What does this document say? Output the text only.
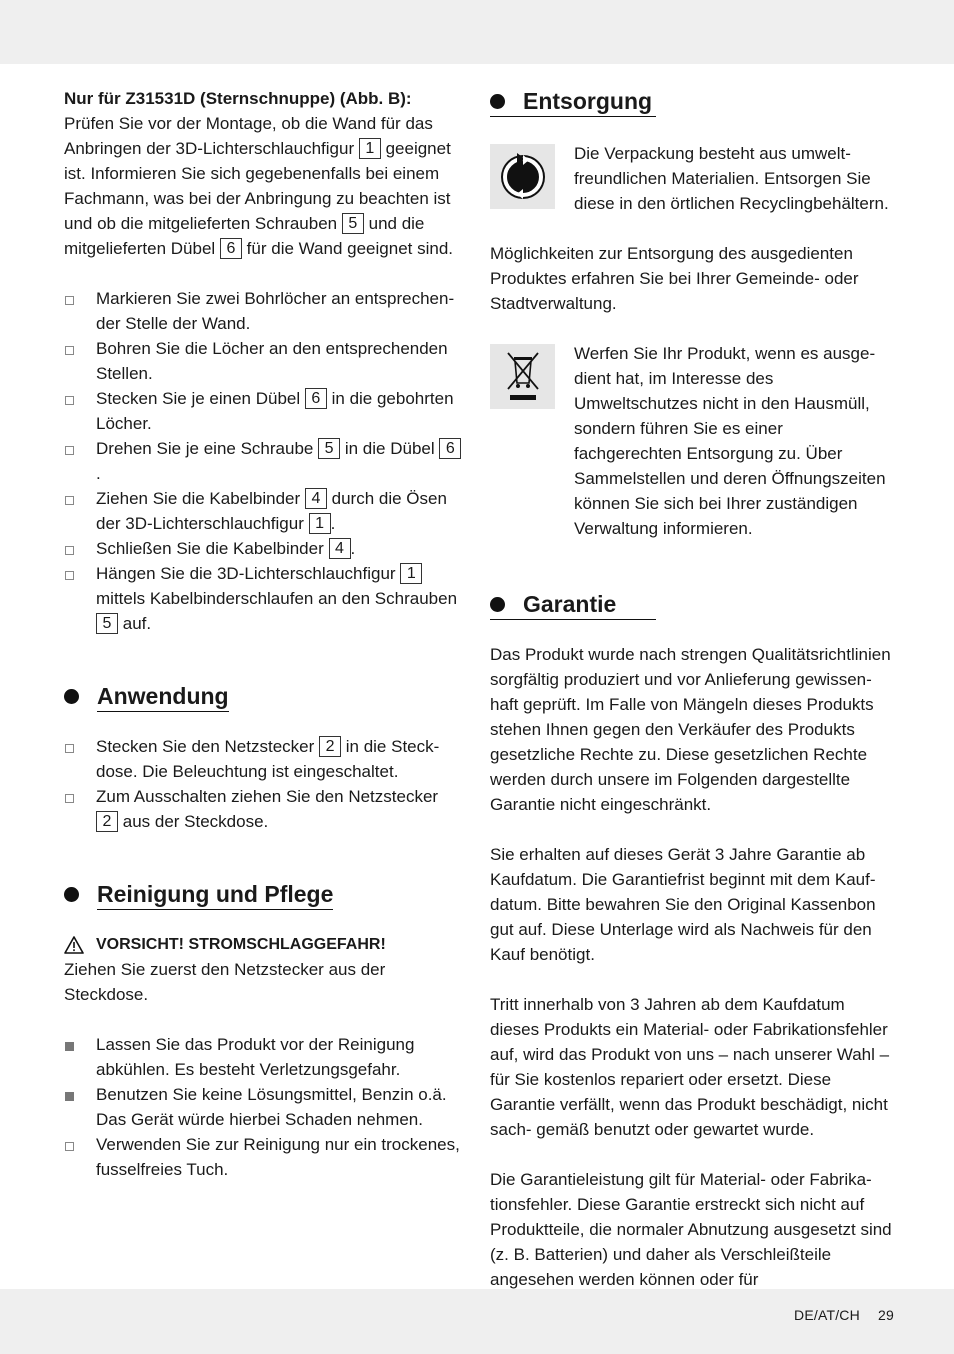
Nur für Z31531D (Sternschnuppe) (Abb. B): Prüfen Sie vor der Montage, ob die Wand für das Anbringen der 3D-Lichterschlauchfigur 1 geeignet ist. Informieren Sie sich gegebenenfalls bei einem Fachmann, was bei der Anbringung zu beachten ist und ob die mitgelieferten Schrauben 5 und die mitgelieferten Dübel 6 für die Wand geeignet sind.

Markieren Sie zwei Bohrlöcher an entsprechen- der Stelle der Wand.
Bohren Sie die Löcher an den entsprechenden Stellen.
Stecken Sie je einen Dübel 6 in die gebohrten Löcher.
Drehen Sie je eine Schraube 5 in die Dübel 6.
Ziehen Sie die Kabelbinder 4 durch die Ösen der 3D-Lichterschlauchfigur 1 .
Schließen Sie die Kabelbinder 4 .
Hängen Sie die 3D-Lichterschlauchfigur 1 mittels Kabelbinderschlaufen an den Schrauben 5 auf.
Anwendung
Stecken Sie den Netzstecker 2 in die Steck- dose. Die Beleuchtung ist eingeschaltet.
Zum Ausschalten ziehen Sie den Netzstecker 2 aus der Steckdose.
Reinigung und Pflege
VORSICHT! STROMSCHLAGGEFAHR!

Ziehen Sie zuerst den Netzstecker aus der Steckdose.

Lassen Sie das Produkt vor der Reinigung abkühlen. Es besteht Verletzungsgefahr.
Benutzen Sie keine Lösungsmittel, Benzin o.ä. Das Gerät würde hierbei Schaden nehmen.
Verwenden Sie zur Reinigung nur ein trockenes, fusselfreies Tuch.
Entsorgung

Die Verpackung besteht aus umwelt- freundlichen Materialien. Entsorgen Sie diese in den örtlichen Recyclingbehältern.

Möglichkeiten zur Entsorgung des ausgedienten Produktes erfahren Sie bei Ihrer Gemeinde- oder Stadtverwaltung.

Werfen Sie Ihr Produkt, wenn es ausge- dient hat, im Interesse des Umweltschutzes nicht in den Hausmüll, sondern führen Sie es einer fachgerechten Entsorgung zu. Über Sammelstellen und deren Öffnungszeiten können Sie sich bei Ihrer zuständigen Verwaltung informieren.

Garantie

Das Produkt wurde nach strengen Qualitätsrichtlinien sorgfältig produziert und vor Anlieferung gewissen- haft geprüft. Im Falle von Mängeln dieses Produkts stehen Ihnen gegen den Verkäufer des Produkts gesetzliche Rechte zu. Diese gesetzlichen Rechte werden durch unsere im Folgenden dargestellte Garantie nicht eingeschränkt.

Sie erhalten auf dieses Gerät 3 Jahre Garantie ab Kaufdatum. Die Garantiefrist beginnt mit dem Kauf- datum. Bitte bewahren Sie den Original Kassenbon gut auf. Diese Unterlage wird als Nachweis für den Kauf benötigt.

Tritt innerhalb von 3 Jahren ab dem Kaufdatum dieses Produkts ein Material- oder Fabrikationsfehler auf, wird das Produkt von uns – nach unserer Wahl – für Sie kostenlos repariert oder ersetzt. Diese Garantie verfällt, wenn das Produkt beschädigt, nicht sach- gemäß benutzt oder gewartet wurde.

Die Garantieleistung gilt für Material- oder Fabrika- tionsfehler. Diese Garantie erstreckt sich nicht auf Produktteile, die normaler Abnutzung ausgesetzt sind (z. B. Batterien) und daher als Verschleißteile angesehen werden können oder für

DE/AT/CH 29
